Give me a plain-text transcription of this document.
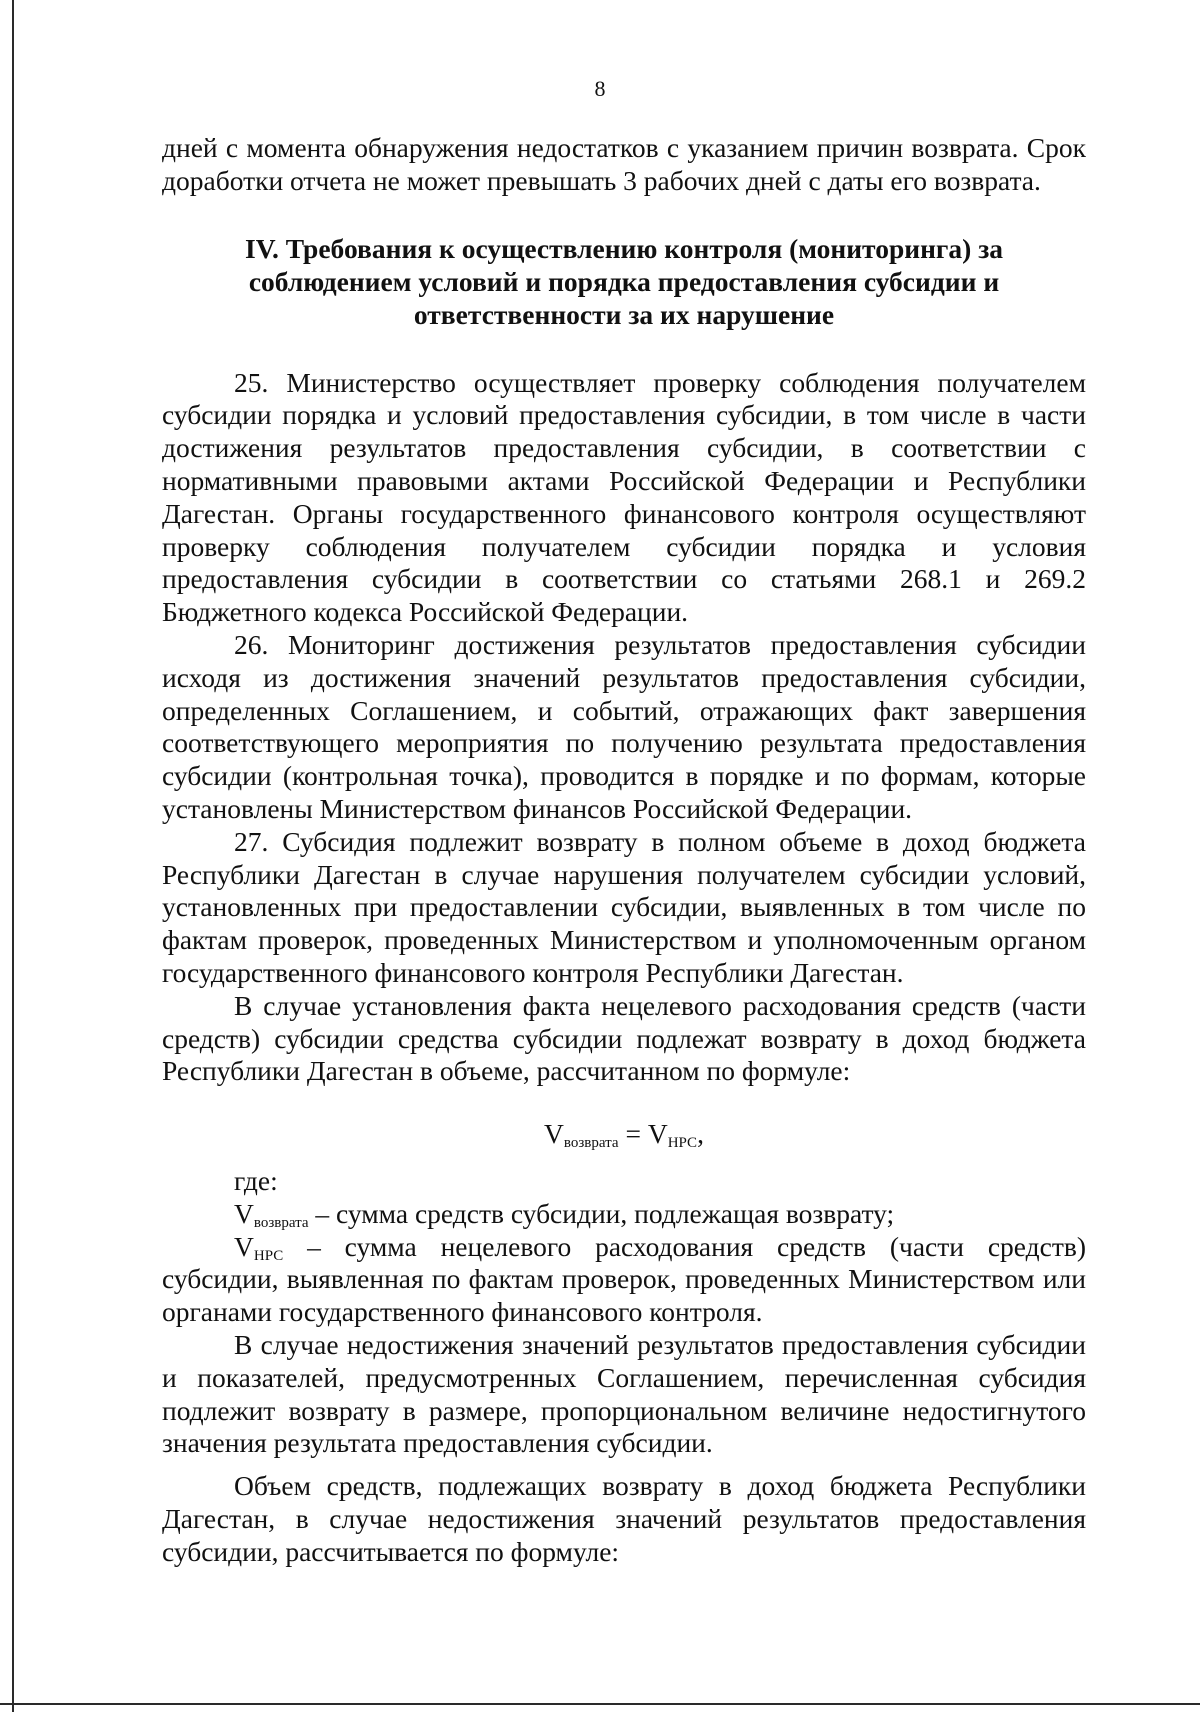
8

дней с момента обнаружения недостатков с указанием причин возврата. Срок доработки отчета не может превышать 3 рабочих дней с даты его возврата.

IV. Требования к осуществлению контроля (мониторинга) за
соблюдением условий и порядка предоставления субсидии и
ответственности за их нарушение

25. Министерство осуществляет проверку соблюдения получателем субсидии порядка и условий предоставления субсидии, в том числе в части достижения результатов предоставления субсидии, в соответствии с нормативными правовыми актами Российской Федерации и Республики Дагестан. Органы государственного финансового контроля осуществляют проверку соблюдения получателем субсидии порядка и условия предоставления субсидии в соответствии со статьями 268.1 и 269.2 Бюджетного кодекса Российской Федерации.

26. Мониторинг достижения результатов предоставления субсидии исходя из достижения значений результатов предоставления субсидии, определенных Соглашением, и событий, отражающих факт завершения соответствующего мероприятия по получению результата предоставления субсидии (контрольная точка), проводится в порядке и по формам, которые установлены Министерством финансов Российской Федерации.

27. Субсидия подлежит возврату в полном объеме в доход бюджета Республики Дагестан в случае нарушения получателем субсидии условий, установленных при предоставлении субсидии, выявленных в том числе по фактам проверок, проведенных Министерством и уполномоченным органом государственного финансового контроля Республики Дагестан.

В случае установления факта нецелевого расходования средств (части средств) субсидии средства субсидии подлежат возврату в доход бюджета Республики Дагестан в объеме, рассчитанном по формуле:

$V_{возврата} = V_{НРС}$,

где:

$V_{возврата}$ – сумма средств субсидии, подлежащая возврату;

$V_{НРС}$ – сумма нецелевого расходования средств (части средств) субсидии, выявленная по фактам проверок, проведенных Министерством или органами государственного финансового контроля.

В случае недостижения значений результатов предоставления субсидии и показателей, предусмотренных Соглашением, перечисленная субсидия подлежит возврату в размере, пропорциональном величине недостигнутого значения результата предоставления субсидии.

Объем средств, подлежащих возврату в доход бюджета Республики Дагестан, в случае недостижения значений результатов предоставления субсидии, рассчитывается по формуле:
